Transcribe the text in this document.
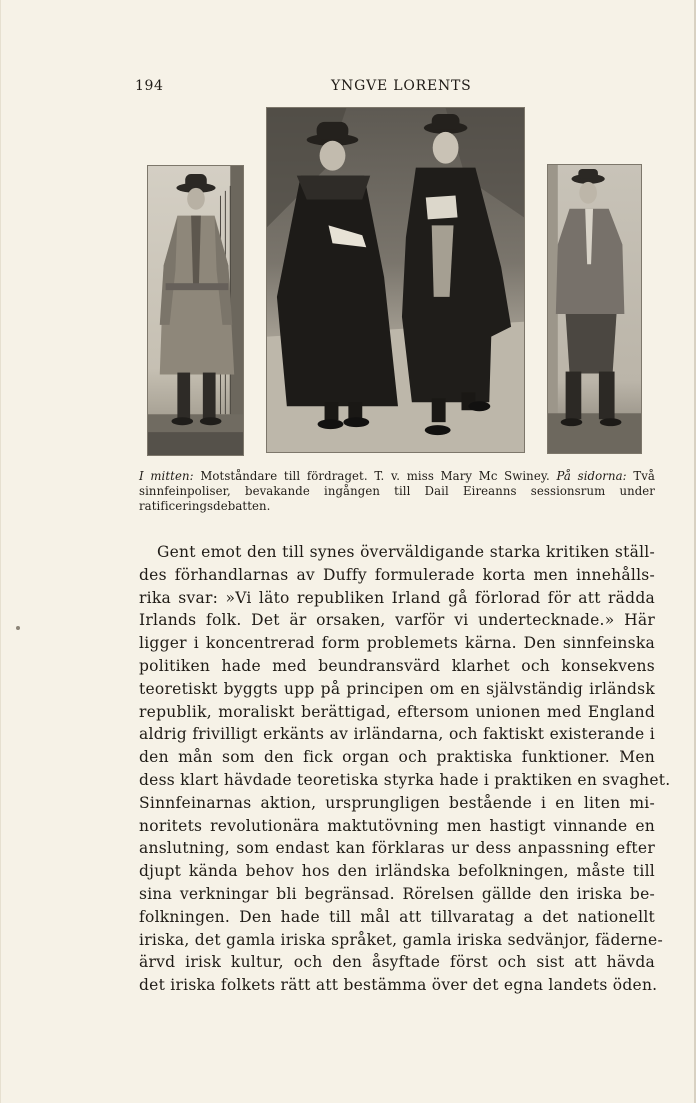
194	YNGVE LORENTS
I mitten: Motståndare till fördraget. T. v. miss Mary Mc Swiney. På sidorna: Två sinnfeinpoliser, bevakande ingången till Dail Eireanns sessionsrum under ratificeringsdebatten.
Gent emot den till synes överväldigande starka kritiken ställ-
des förhandlarnas av Duffy formulerade korta men innehålls-
rika svar: »Vi läto republiken Irland gå förlorad för att rädda
Irlands folk. Det är orsaken, varför vi undertecknade.» Här
ligger i koncentrerad form problemets kärna. Den sinnfeinska
politiken hade med beundransvärd klarhet och konsekvens
teoretiskt byggts upp på principen om en självständig irländsk
republik, moraliskt berättigad, eftersom unionen med England
aldrig frivilligt erkänts av irländarna, och faktiskt existerande i
den mån som den fick organ och praktiska funktioner. Men
dess klart hävdade teoretiska styrka hade i praktiken en svaghet.
Sinnfeinarnas aktion, ursprungligen bestående i en liten mi-
noritets revolutionära maktutövning men hastigt vinnande en
anslutning, som endast kan förklaras ur dess anpassning efter
djupt kända behov hos den irländska befolkningen, måste till
sina verkningar bli begränsad. Rörelsen gällde den iriska be-
folkningen. Den hade till mål att tillvaratag a det nationellt
iriska, det gamla iriska språket, gamla iriska sedvänjor, fäderne-
ärvd irisk kultur, och den åsyftade först och sist att hävda
det iriska folkets rätt att bestämma över det egna landets öden.
